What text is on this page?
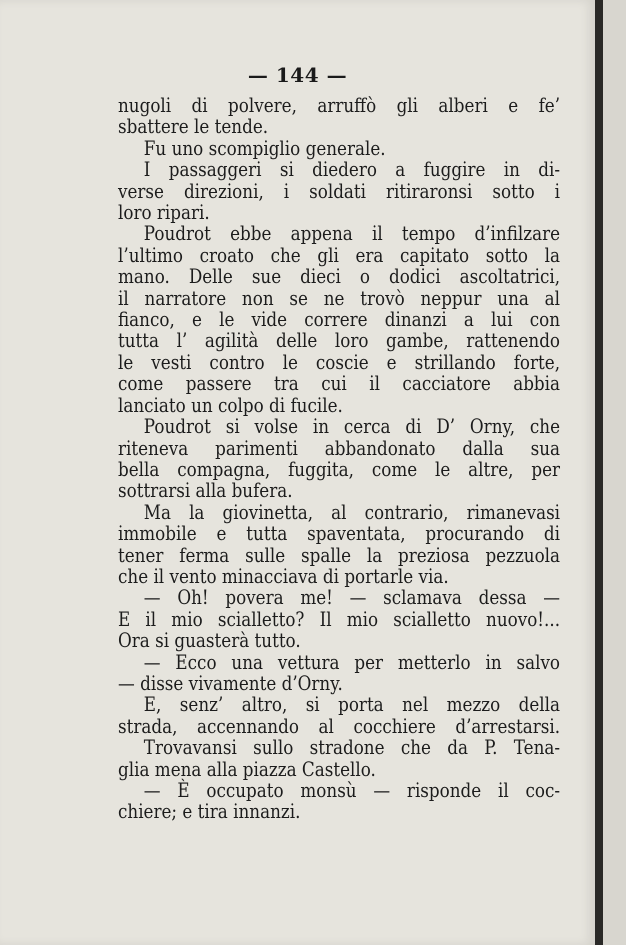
— 144 —
nugoli di polvere, arruffò gli alberi e fe’
sbattere le tende.
Fu uno scompiglio generale.
I passaggeri si diedero a fuggire in di-
verse direzioni, i soldati ritiraronsi sotto i
loro ripari.
Poudrot ebbe appena il tempo d’infilzare
l’ultimo croato che gli era capitato sotto la
mano. Delle sue dieci o dodici ascoltatrici,
il narratore non se ne trovò neppur una al
fianco, e le vide correre dinanzi a lui con
tutta l’ agilità delle loro gambe, rattenendo
le vesti contro le coscie e strillando forte,
come passere tra cui il cacciatore abbia
lanciato un colpo di fucile.
Poudrot si volse in cerca di D’ Orny, che
riteneva parimenti abbandonato dalla sua
bella compagna, fuggita, come le altre, per
sottrarsi alla bufera.
Ma la giovinetta, al contrario, rimanevasi
immobile e tutta spaventata, procurando di
tener ferma sulle spalle la preziosa pezzuola
che il vento minacciava di portarle via.
— Oh! povera me! — sclamava dessa —
E il mio scialletto? Il mio scialletto nuovo!...
Ora si guasterà tutto.
— Ecco una vettura per metterlo in salvo
— disse vivamente d’Orny.
E, senz’ altro, si porta nel mezzo della
strada, accennando al cocchiere d’arrestarsi.
Trovavansi sullo stradone che da P. Tena-
glia mena alla piazza Castello.
— È occupato monsù — risponde il coc-
chiere; e tira innanzi.
